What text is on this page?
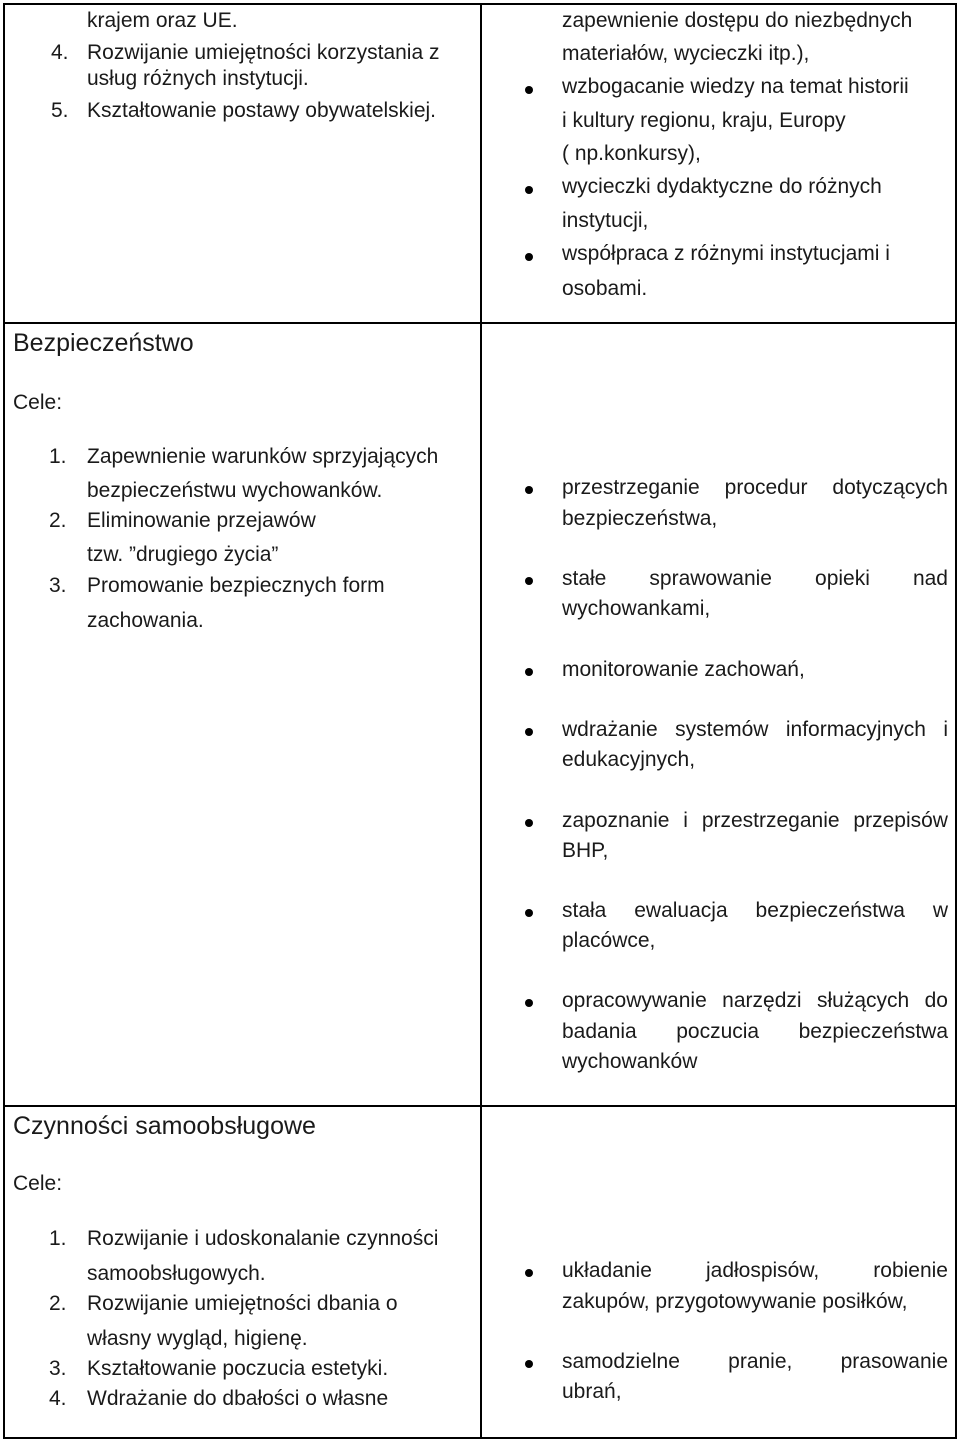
krajem oraz UE.
4. Rozwijanie umiejętności korzystania z
usług różnych instytucji.
5. Kształtowanie postawy obywatelskiej.
zapewnienie dostępu do niezbędnych
materiałów, wycieczki itp.),
wzbogacanie wiedzy na temat historii
i kultury regionu, kraju, Europy
( np.konkursy),
wycieczki dydaktyczne do różnych
instytucji,
współpraca z różnymi instytucjami i
osobami.
Bezpieczeństwo
Cele:
1. Zapewnienie warunków sprzyjających
bezpieczeństwu wychowanków.
2. Eliminowanie przejawów
tzw. ”drugiego życia”
3. Promowanie bezpiecznych form
zachowania.
przestrzeganie procedur dotyczących
bezpieczeństwa,
stałe sprawowanie opieki nad
wychowankami,
monitorowanie zachowań,
wdrażanie systemów informacyjnych i
edukacyjnych,
zapoznanie i przestrzeganie przepisów
BHP,
stała ewaluacja bezpieczeństwa w
placówce,
opracowywanie narzędzi służących do
badania poczucia bezpieczeństwa
wychowanków
Czynności samoobsługowe
Cele:
1. Rozwijanie i udoskonalanie czynności
samoobsługowych.
2. Rozwijanie umiejętności dbania o
własny wygląd, higienę.
3. Kształtowanie poczucia estetyki.
4. Wdrażanie do dbałości o własne
układanie	jadłospisów,	robienie
zakupów, przygotowywanie posiłków,
samodzielne pranie, prasowanie
ubrań,
